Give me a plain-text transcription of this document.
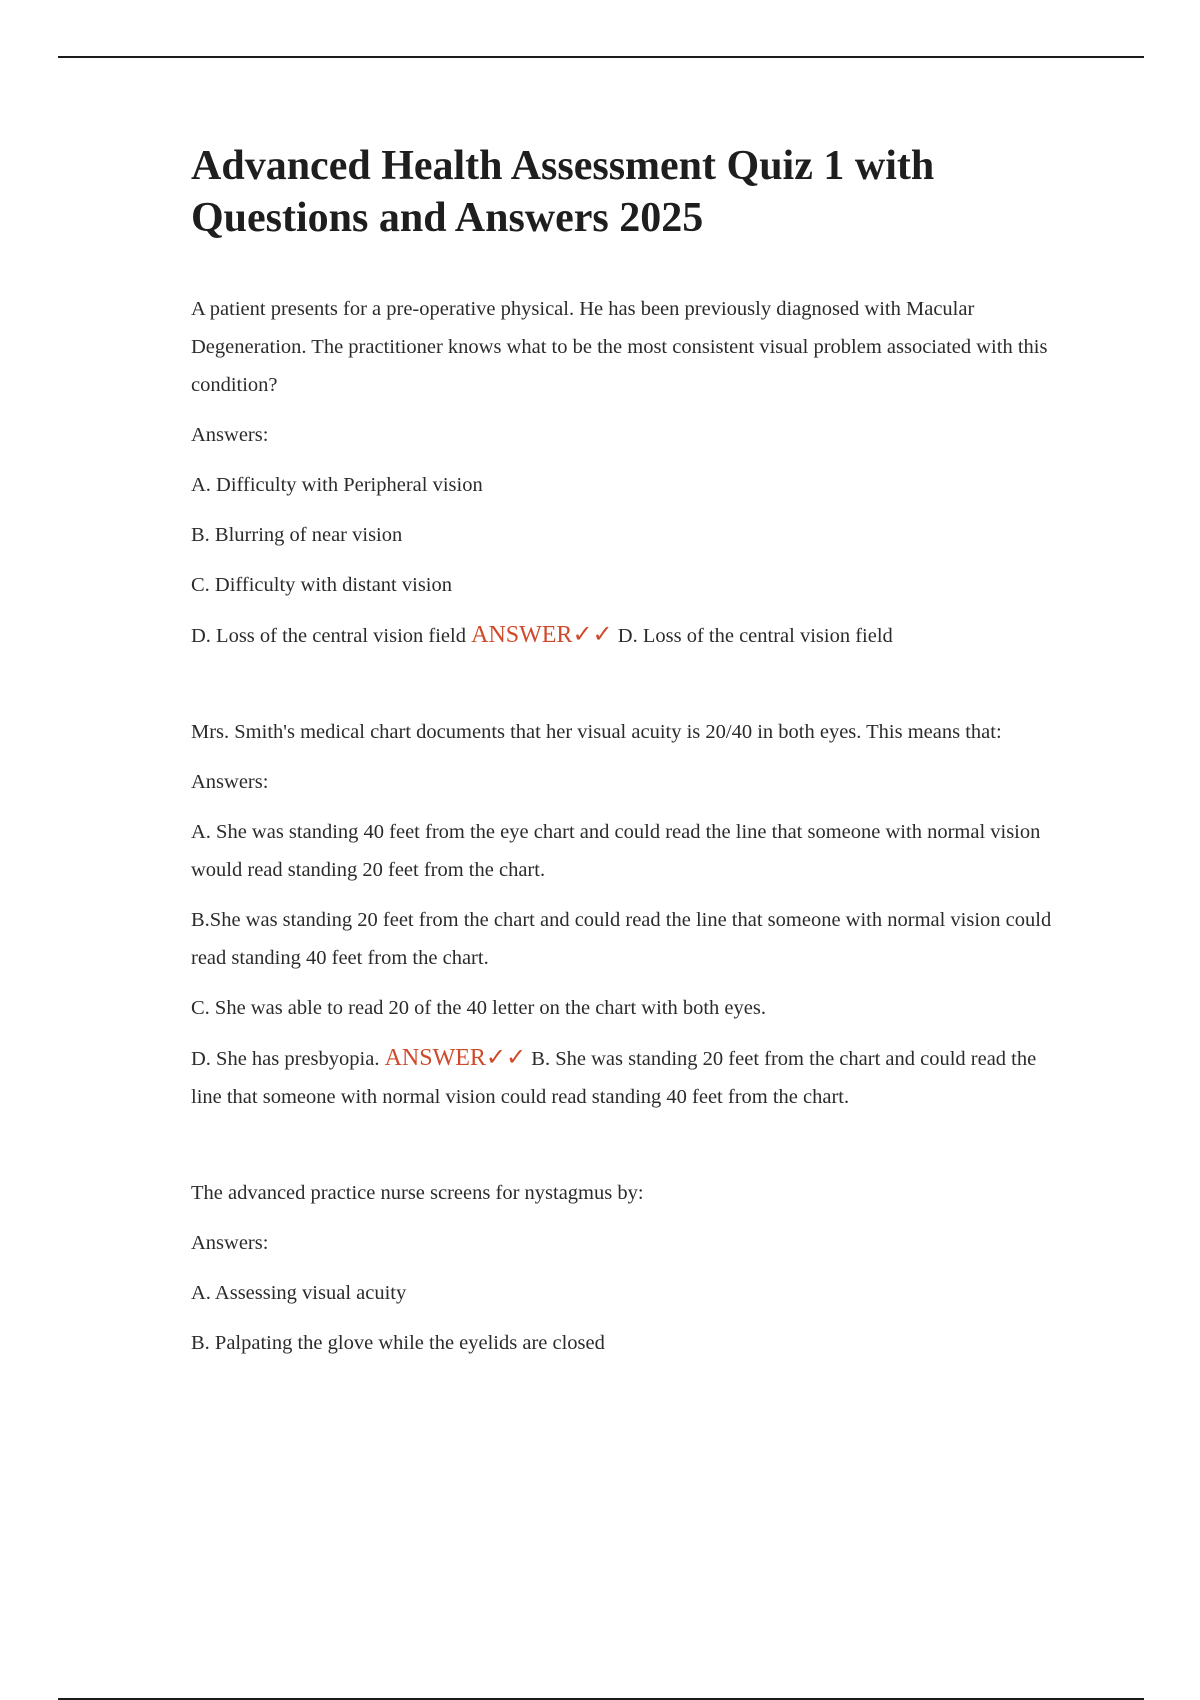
Advanced Health Assessment Quiz 1 with Questions and Answers 2025

A patient presents for a pre-operative physical. He has been previously diagnosed with Macular Degeneration. The practitioner knows what to be the most consistent visual problem associated with this condition?

Answers:

A. Difficulty with Peripheral vision

B. Blurring of near vision

C. Difficulty with distant vision

D. Loss of the central vision field ANSWER✓✓ D. Loss of the central vision field

Mrs. Smith's medical chart documents that her visual acuity is 20/40 in both eyes. This means that:

Answers:

A. She was standing 40 feet from the eye chart and could read the line that someone with normal vision would read standing 20 feet from the chart.

B.She was standing 20 feet from the chart and could read the line that someone with normal vision could read standing 40 feet from the chart.

C. She was able to read 20 of the 40 letter on the chart with both eyes.

D. She has presbyopia. ANSWER✓✓ B. She was standing 20 feet from the chart and could read the line that someone with normal vision could read standing 40 feet from the chart.

The advanced practice nurse screens for nystagmus by:

Answers:

A. Assessing visual acuity

B. Palpating the glove while the eyelids are closed
